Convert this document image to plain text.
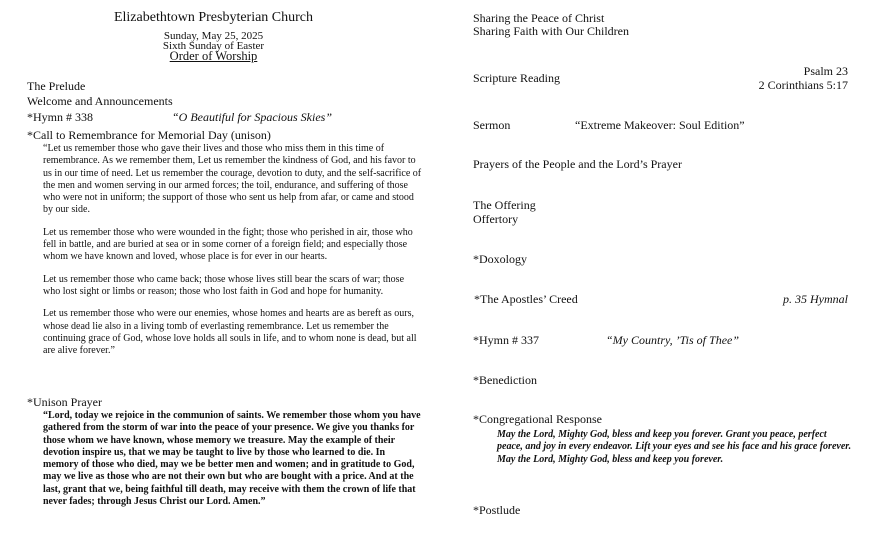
Elizabethtown Presbyterian Church
Sunday, May 25, 2025
Sixth Sunday of Easter
Order of Worship
The Prelude
Welcome and Announcements
*Hymn # 338	“O Beautiful for Spacious Skies”
*Call to Remembrance for Memorial Day (unison)

“Let us remember those who gave their lives and those who miss them in this time of remembrance. As we remember them, Let us remember the kindness of God, and his favor to us in our time of need. Let us remember the courage, devotion to duty, and the self-sacrifice of the men and women serving in our armed forces; the toil, endurance, and suffering of those who were not in uniform; the support of those who sent us help from afar, or came and stood by our side.

Let us remember those who were wounded in the fight; those who perished in air, those who fell in battle, and are buried at sea or in some corner of a foreign field; and especially those whom we have known and loved, whose place is for ever in our hearts.

Let us remember those who came back; those whose lives still bear the scars of war; those who lost sight or limbs or reason; those who lost faith in God and hope for humanity.

Let us remember those who were our enemies, whose homes and hearts are as bereft as ours, whose dead lie also in a living tomb of everlasting remembrance. Let us remember the continuing grace of God, whose love holds all souls in life, and to whom none is dead, but all are alive forever.”

*Unison Prayer
“Lord, today we rejoice in the communion of saints. We remember those whom you have gathered from the storm of war into the peace of your presence. We give you thanks for those whom we have known, whose memory we treasure. May the example of their devotion inspire us, that we may be taught to live by those who learned to die. In memory of those who died, may we be better men and women; and in gratitude to God, may we live as those who are not their own but who are bought with a price. And at the last, grant that we, being faithful till death, may receive with them the crown of life that never fades; through Jesus Christ our Lord. Amen.”
Sharing the Peace of Christ
Sharing Faith with Our Children
Scripture Reading	Psalm 23
2 Corinthians 5:17
Sermon	“Extreme Makeover: Soul Edition”
Prayers of the People and the Lord’s Prayer
The Offering
Offertory
*Doxology
*The Apostles’ Creed	p. 35 Hymnal
*Hymn # 337	“My Country, ’Tis of Thee”
*Benediction
*Congregational Response
May the Lord, Mighty God, bless and keep you forever. Grant you peace, perfect peace, and joy in every endeavor. Lift your eyes and see his face and his grace forever. May the Lord, Mighty God, bless and keep you forever.
*Postlude
